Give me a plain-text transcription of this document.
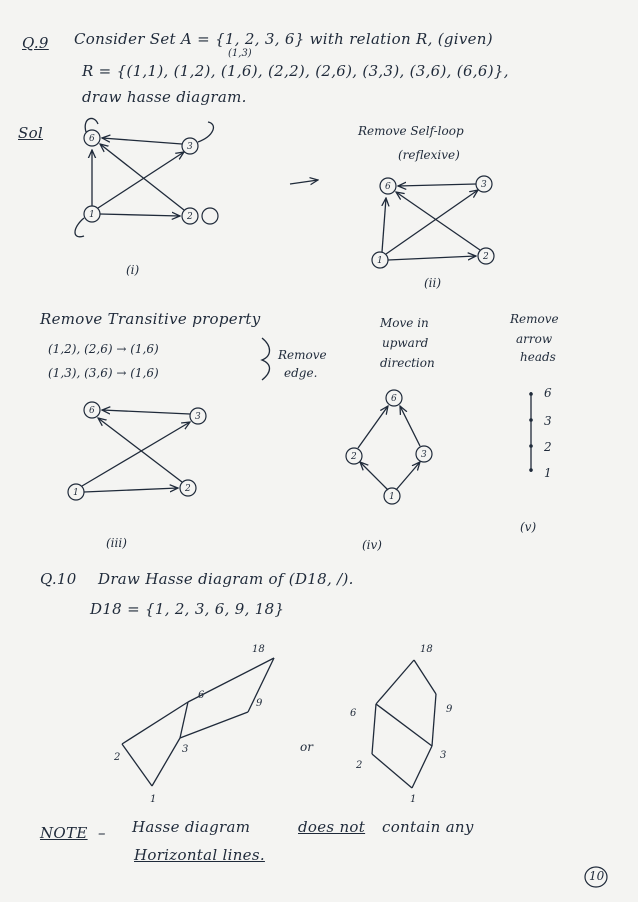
Q.9 Consider Set A = {1, 2, 3, 6} with relation R, (given)
(1,3)
R = {(1,1), (1,2), (1,6), (2,2), (2,6), (3,3), (3,6), (6,6)},
draw hasse diagram.
Sol	Remove Self-loop
(reflexive)
(i)
(ii)
Remove Transitive property
(1,2), (2,6) → (1,6)
(1,3), (3,6) → (1,6)
Remove
edge.
Move in
upward
direction
Remove
arrow
heads
(iii)	(iv)
(v)
6
3
2
1
Q.10 Draw Hasse diagram of (D18, /).
D18 = {1, 2, 3, 6, 9, 18}
or
18
6
9
2
3
1
18
6	9
2
3
1
NOTE – Hasse diagram	does not contain any
Horizontal lines.
10
6
3
1	2
6	3
1	2
6
3
1	2
6
2	3
1
